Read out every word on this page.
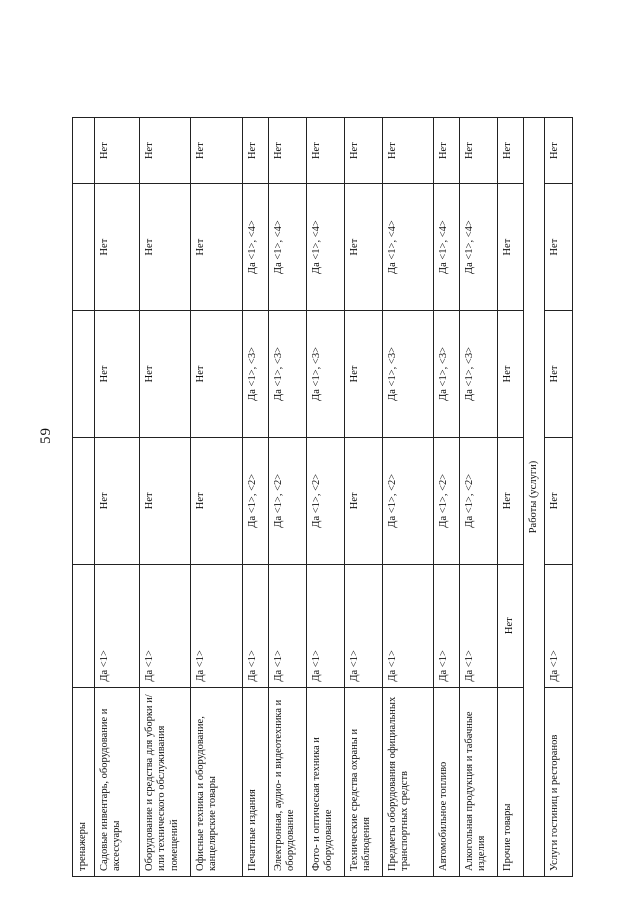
59
тренажеры					
Садовые инвентарь, оборудование и аксессуары	Да <1>	Нет	Нет	Нет	Нет
Оборудование и средства для уборки и/или технического обслуживания помещений	Да <1>	Нет	Нет	Нет	Нет
Офисные техника и оборудование, канцелярские товары	Да <1>	Нет	Нет	Нет	Нет
Печатные издания	Да <1>	Да <1>, <2>	Да <1>, <3>	Да <1>, <4>	Нет
Электронная, аудио- и видеотехника и оборудование	Да <1>	Да <1>, <2>	Да <1>, <3>	Да <1>, <4>	Нет
Фото- и оптическая техника и оборудование	Да <1>	Да <1>, <2>	Да <1>, <3>	Да <1>, <4>	Нет
Технические средства охраны и наблюдения	Да <1>	Нет	Нет	Нет	Нет
Предметы оборудования официальных транспортных средств	Да <1>	Да <1>, <2>	Да <1>, <3>	Да <1>, <4>	Нет
Автомобильное топливо	Да <1>	Да <1>, <2>	Да <1>, <3>	Да <1>, <4>	Нет
Алкогольная продукция и табачные изделия	Да <1>	Да <1>, <2>	Да <1>, <3>	Да <1>, <4>	Нет
Прочие товары	Нет	Нет	Нет	Нет	Нет
Работы (услуги)					
Услуги гостиниц и ресторанов	Да <1>	Нет	Нет	Нет	Нет
